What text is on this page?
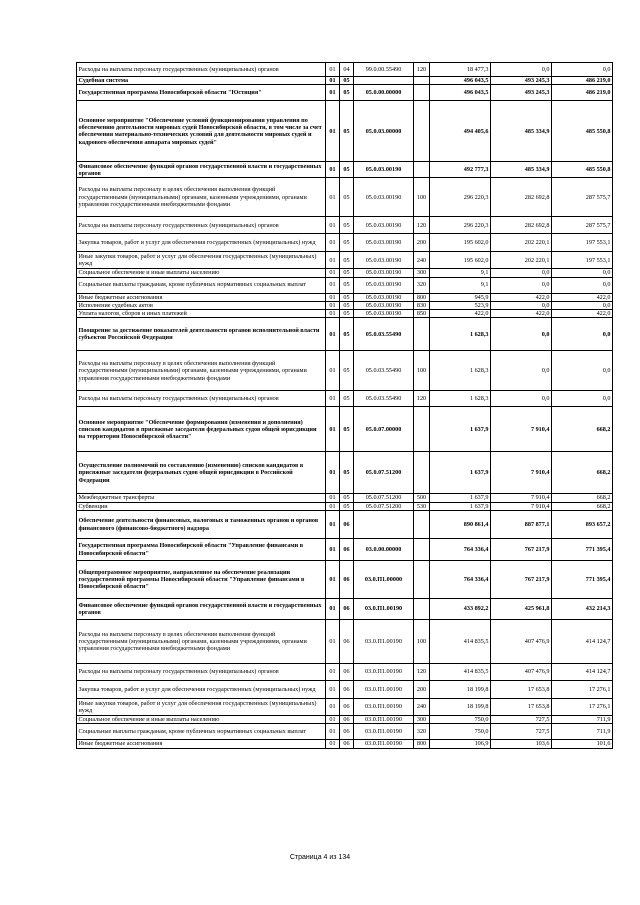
Расходы на выплаты персоналу государственных (муниципальных) органов	01	04	99.0.00.55490	120	18 477,3	0,0	0,0
Судебная система	01	05			496 043,5	493 245,3	486 219,0
Государственная программа Новосибирской области "Юстиция"	01	05	05.0.00.00000		496 043,5	493 245,3	486 219,0
Основное мероприятие "Обеспечение условий функционирования управления по обеспечению деятельности мировых судей Новосибирской области, в том числе за счет обеспечения материально-технических условий для деятельности мировых судей и кадрового обеспечения аппарата мировых судей"	01	05	05.0.03.00000		494 405,6	485 334,9	485 550,8
Финансовое обеспечение функций органов государственной власти и государственных органов	01	05	05.0.03.00190		492 777,3	485 334,9	485 550,8
Расходы на выплаты персоналу в целях обеспечения выполнения функций государственными (муниципальными) органами, казенными учреждениями, органами управления государственными внебюджетными фондами	01	05	05.0.03.00190	100	296 220,3	282 692,8	287 575,7
Расходы на выплаты персоналу государственных (муниципальных) органов	01	05	05.0.03.00190	120	296 220,3	282 692,8	287 575,7
Закупка товаров, работ и услуг для обеспечения государственных (муниципальных) нужд	01	05	05.0.03.00190	200	195 602,0	202 220,1	197 553,1
Иные закупки товаров, работ и услуг для обеспечения государственных (муниципальных) нужд	01	05	05.0.03.00190	240	195 602,0	202 220,1	197 553,1
Социальное обеспечение и иные выплаты населению	01	05	05.0.03.00190	300	9,1	0,0	0,0
Социальные выплаты гражданам, кроме публичных нормативных социальных выплат	01	05	05.0.03.00190	320	9,1	0,0	0,0
Иные бюджетные ассигнования	01	05	05.0.03.00190	800	945,9	422,0	422,0
Исполнение судебных актов	01	05	05.0.03.00190	830	523,9	0,0	0,0
Уплата налогов, сборов и иных платежей	01	05	05.0.03.00190	850	422,0	422,0	422,0
Поощрение за достижение показателей деятельности органов исполнительной власти субъектов Российской Федерации	01	05	05.0.03.55490		1 628,3	0,0	0,0
Расходы на выплаты персоналу в целях обеспечения выполнения функций государственными (муниципальными) органами, казенными учреждениями, органами управления государственными внебюджетными фондами	01	05	05.0.03.55490	100	1 628,3	0,0	0,0
Расходы на выплаты персоналу государственных (муниципальных) органов	01	05	05.0.03.55490	120	1 628,3	0,0	0,0
Основное мероприятие "Обеспечение формирования (изменения и дополнения) списков кандидатов в присяжные заседатели федеральных судов общей юрисдикции на территории Новосибирской области"	01	05	05.0.07.00000		1 637,9	7 910,4	668,2
Осуществление полномочий по составлению (изменению) списков кандидатов в присяжные заседатели федеральных судов общей юрисдикции в Российской Федерации	01	05	05.0.07.51200		1 637,9	7 910,4	668,2
Межбюджетные трансферты	01	05	05.0.07.51200	500	1 637,9	7 910,4	668,2
Субвенции	01	05	05.0.07.51200	530	1 637,9	7 910,4	668,2
Обеспечение деятельности финансовых, налоговых и таможенных органов и органов финансового (финансово-бюджетного) надзора	01	06			890 861,4	887 877,1	893 657,2
Государственная программа Новосибирской области "Управление финансами в Новосибирской области"	01	06	03.0.00.00000		764 336,4	767 217,9	771 395,4
Общепрограммное мероприятие, направленное на обеспечение реализации государственной программы Новосибирской области "Управление финансами в Новосибирской области"	01	06	03.0.П1.00000		764 336,4	767 217,9	771 395,4
Финансовое обеспечение функций органов государственной власти и государственных органов	01	06	03.0.П1.00190		433 892,2	425 961,8	432 214,3
Расходы на выплаты персоналу в целях обеспечения выполнения функций государственными (муниципальными) органами, казенными учреждениями, органами управления государственными внебюджетными фондами	01	06	03.0.П1.00190	100	414 835,5	407 476,9	414 124,7
Расходы на выплаты персоналу государственных (муниципальных) органов	01	06	03.0.П1.00190	120	414 835,5	407 476,9	414 124,7
Закупка товаров, работ и услуг для обеспечения государственных (муниципальных) нужд	01	06	03.0.П1.00190	200	18 199,8	17 653,8	17 276,1
Иные закупки товаров, работ и услуг для обеспечения государственных (муниципальных) нужд	01	06	03.0.П1.00190	240	18 199,8	17 653,8	17 276,1
Социальное обеспечение и иные выплаты населению	01	06	03.0.П1.00190	300	750,0	727,5	711,9
Социальные выплаты гражданам, кроме публичных нормативных социальных выплат	01	06	03.0.П1.00190	320	750,0	727,5	711,9
Иные бюджетные ассигнования	01	06	03.0.П1.00190	800	106,9	103,6	101,6
Страница 4 из 134
